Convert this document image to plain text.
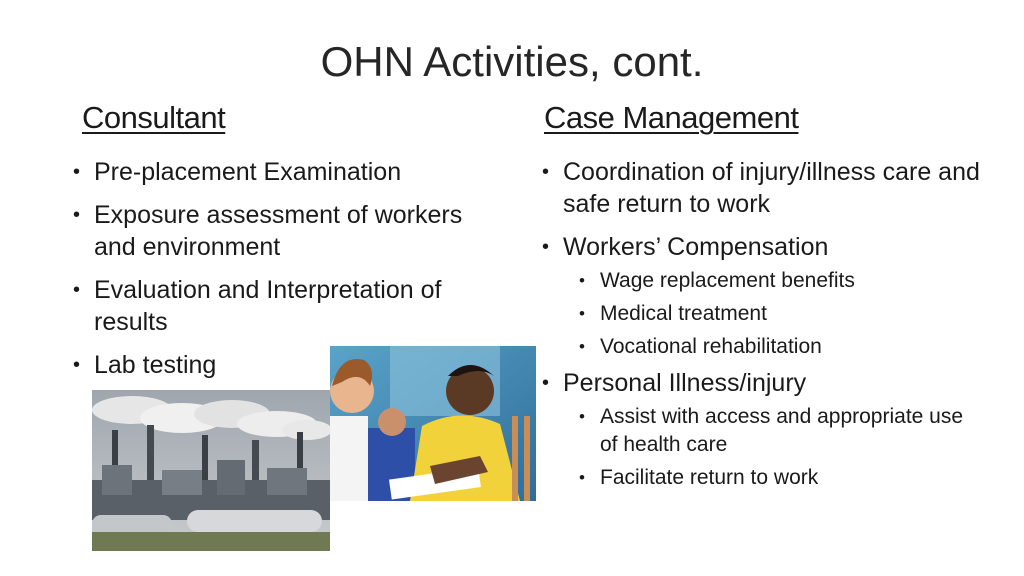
OHN Activities, cont.
Consultant	Case Management
• Pre-placement Examination
• Exposure assessment of workers and environment
• Evaluation and Interpretation of results
• Lab testing
• Coordination of injury/illness care and safe return to work
• Workers’ Compensation
• Wage replacement benefits
• Medical treatment
• Vocational rehabilitation
• Personal Illness/injury
• Assist with access and appropriate use of health care
• Facilitate return to work
